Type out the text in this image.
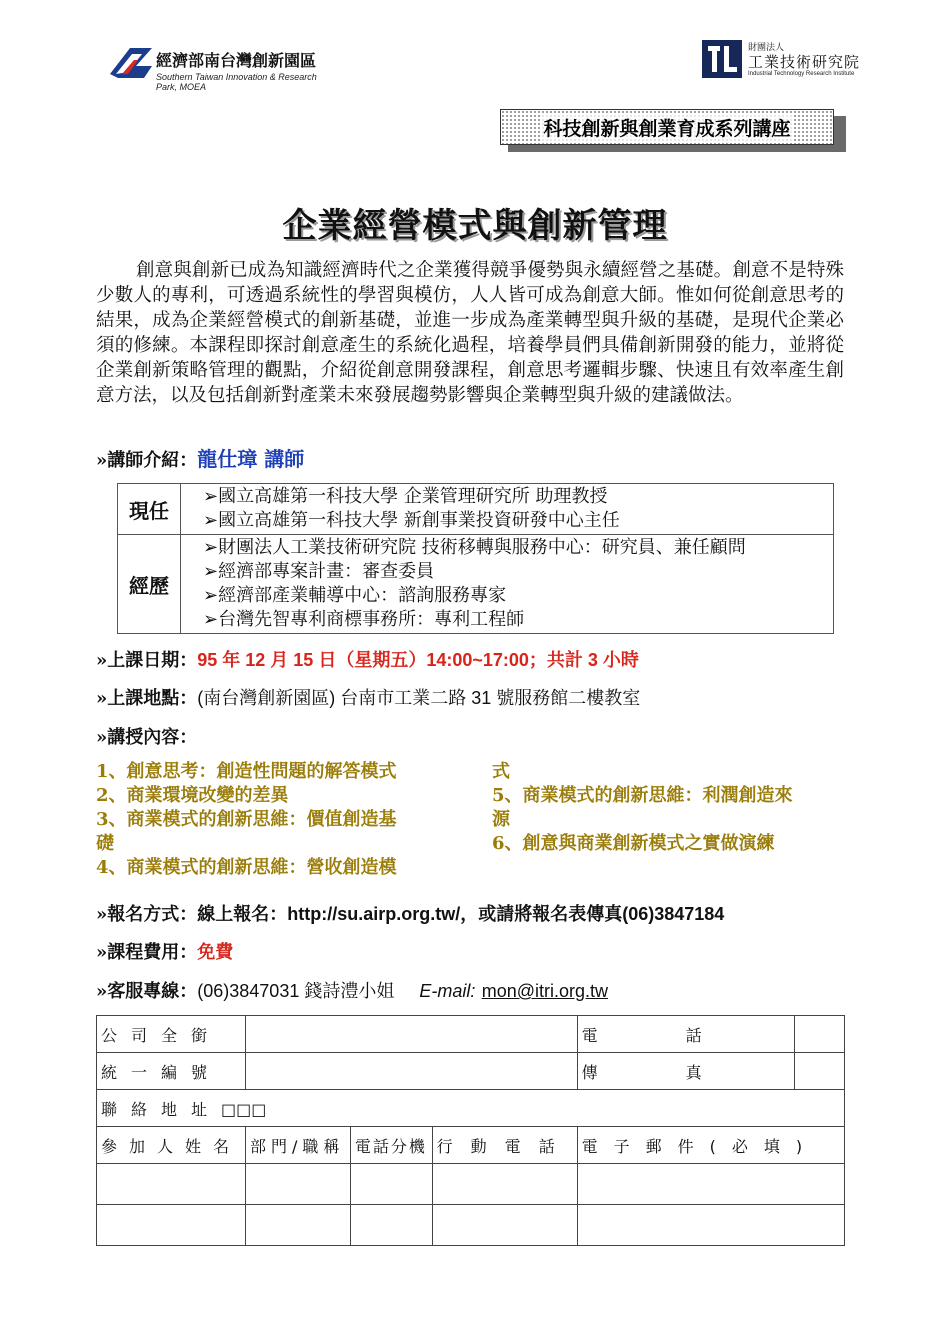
經濟部南台灣創新園區
Southern Taiwan Innovation & Research Park, MOEA
財團法人
工業技術研究院
Industrial Technology Research Institute
科技創新與創業育成系列講座
企業經營模式與創新管理
創意與創新已成為知識經濟時代之企業獲得競爭優勢與永續經營之基礎。創意不是特殊少數人的專利，可透過系統性的學習與模仿，人人皆可成為創意大師。惟如何從創意思考的結果，成為企業經營模式的創新基礎，並進一步成為產業轉型與升級的基礎，是現代企業必須的修練。本課程即探討創意產生的系統化過程，培養學員們具備創新開發的能力，並將從企業創新策略管理的觀點，介紹從創意開發課程，創意思考邏輯步驟、快速且有效率產生創意方法，以及包括創新對產業未來發展趨勢影響與企業轉型與升級的建議做法。
»講師介紹：龍仕璋 講師
現任	➢國立高雄第一科技大學 企業管理研究所 助理教授
➢國立高雄第一科技大學 新創事業投資研發中心主任

經歷	➢財團法人工業技術研究院 技術移轉與服務中心：研究員、兼任顧問
➢經濟部專案計畫：審查委員
➢經濟部產業輔導中心：諮詢服務專家
➢台灣先智專利商標事務所：專利工程師
»上課日期：95 年 12 月 15 日（星期五）14:00~17:00；共計 3 小時
»上課地點：(南台灣創新園區) 台南市工業二路 31 號服務館二樓教室
»講授內容：
1、創意思考：創造性問題的解答模式
2、商業環境改變的差異
3、商業模式的創新思維：價值創造基
礎
4、商業模式的創新思維：營收創造模
式
5、商業模式的創新思維：利潤創造來
源
6、創意與商業創新模式之實做演練
»報名方式：線上報名：http://su.airp.org.tw/，或請將報名表傳真(06)3847184
»課程費用：免費
»客服專線：(06)3847031 錢詩澧小姐 E-mail: mon@itri.org.tw
公司全銜				電話	

統一編號				傳真	

聯絡地址□□□					
參加人姓名	部門/職稱	電話分機	行動電話	電子郵件(必填)	
